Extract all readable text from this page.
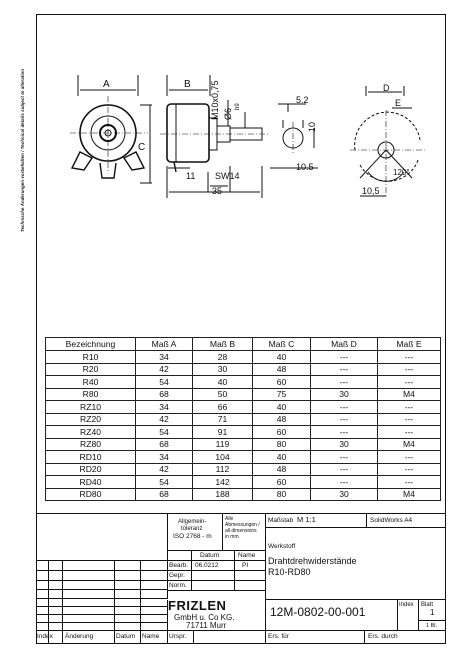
Technische Änderungen vorbehalten / Technical details subject to alteration	A	B
C
D
E
M10x0,75 Ø6
h9
5.2
10
10.5
SW14
11
35	10,5
120°
Bezeichnung	Maß A	Maß B	Maß C	Maß D	Maß E
R10	34	28	40	---	---
R20	42	30	48	---	---
R40	54	40	60	---	---
R80	68	50	75	30	M4
RZ10	34	66	40	---	---
RZ20	42	71	48	---	---
RZ40	54	91	60	---	---
RZ80	68	119	80	30	M4
RD10	34	104	40	---	---
RD20	42	112	48	---	---
RD40	54	142	60	---	---
RD80	68	188	80	30	M4
Allgemein-
toleranz
ISO 2768 - m
Alle
Abmessungen /
all dimensions
in mm
Maßstab M 1:1	SolidWorks A4
Werkstoff
Drahtdrehwiderstände
R10-RD80
Datum	Name
Bearb. 06.0212	PI
Gepr.
Norm.
FRIZLEN
GmbH u. Co KG.
71711 Murr
12M-0802-00-001	Index Blatt
1
1 Bl.
Index Änderung	Datum Name Urspr.	Ers. für	Ers. durch
